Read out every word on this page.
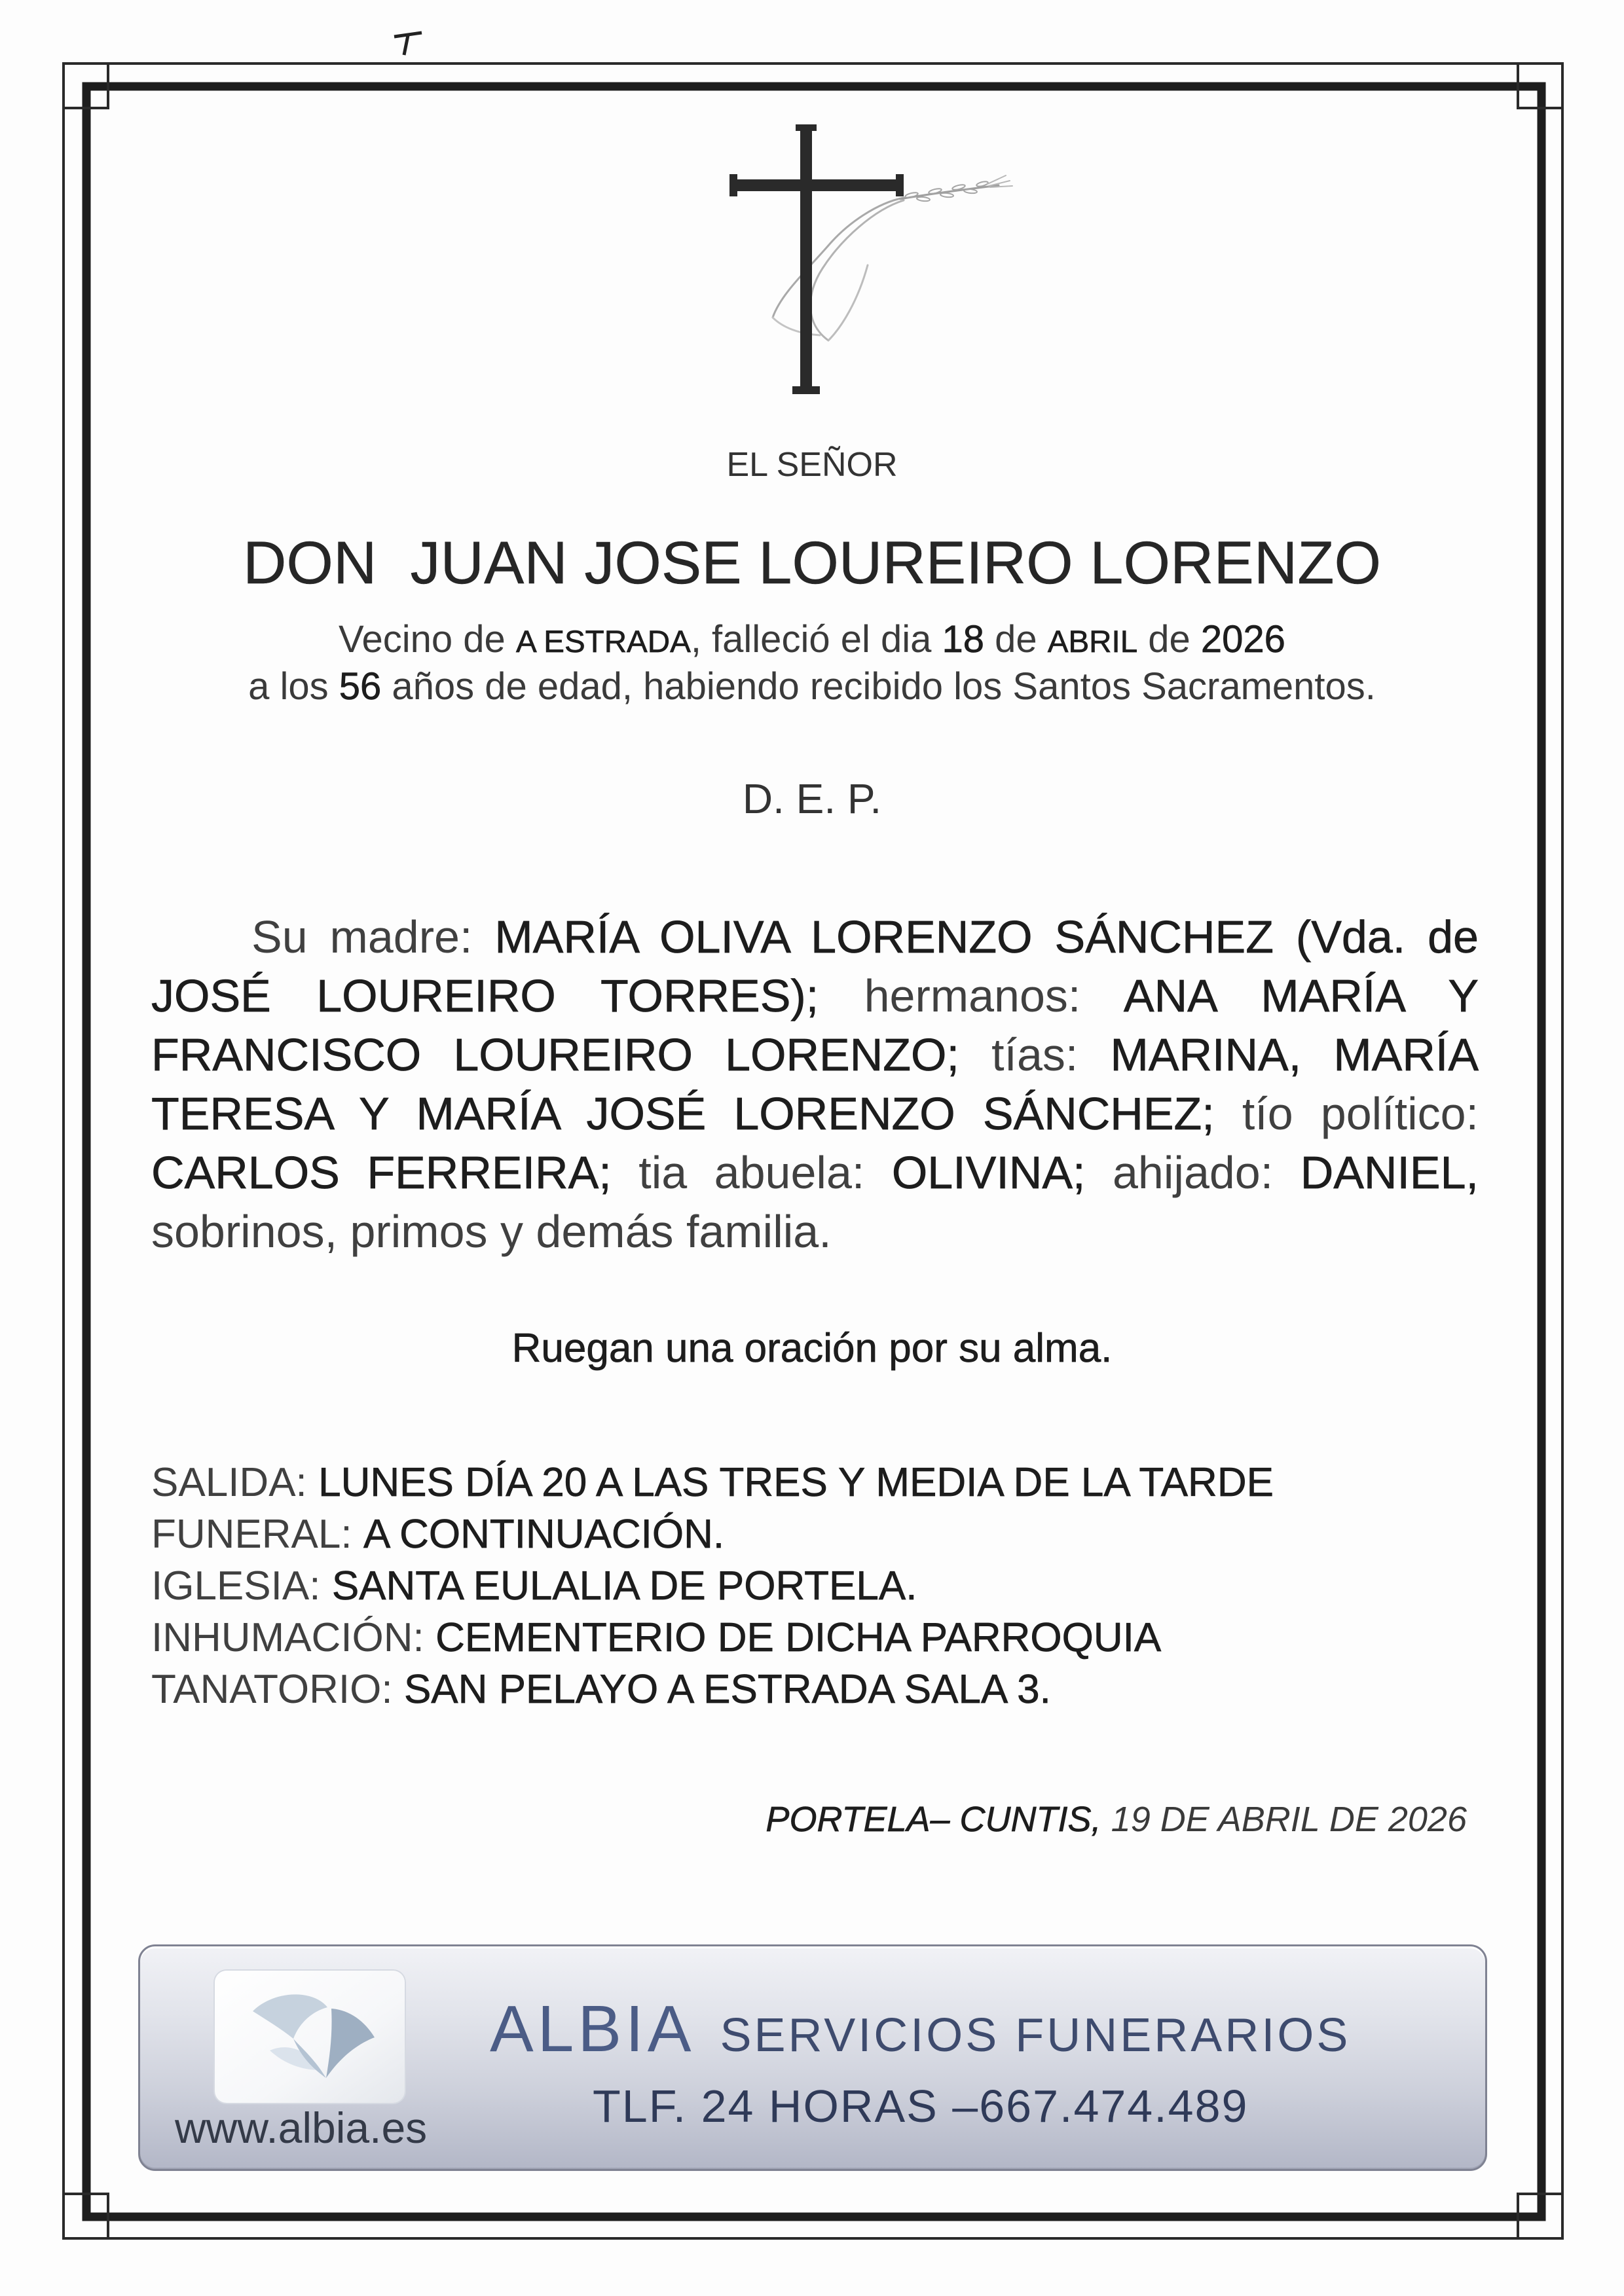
EL SEÑOR
DON  JUAN JOSE LOUREIRO LORENZO
Vecino de A ESTRADA, falleció el dia 18 de ABRIL de 2026
a los 56 años de edad, habiendo recibido los Santos Sacramentos.
D. E. P.
Su madre: MARÍA OLIVA LORENZO SÁNCHEZ (Vda. de
JOSÉ LOUREIRO TORRES); hermanos: ANA MARÍA Y
FRANCISCO LOUREIRO LORENZO; tías: MARINA, MARÍA
TERESA Y MARÍA JOSÉ LORENZO SÁNCHEZ; tío político:
CARLOS FERREIRA; tia abuela: OLIVINA; ahijado: DANIEL,
sobrinos, primos y demás familia.
Ruegan una oración por su alma.
SALIDA: LUNES DÍA 20 A LAS TRES Y MEDIA DE LA TARDE
FUNERAL: A CONTINUACIÓN.
IGLESIA: SANTA EULALIA DE PORTELA.
INHUMACIÓN: CEMENTERIO DE DICHA PARROQUIA
TANATORIO: SAN PELAYO A ESTRADA SALA 3.
PORTELA– CUNTIS, 19 DE ABRIL DE 2026
www.albia.es
ALBIA SERVICIOS FUNERARIOS
TLF. 24 HORAS –667.474.489
